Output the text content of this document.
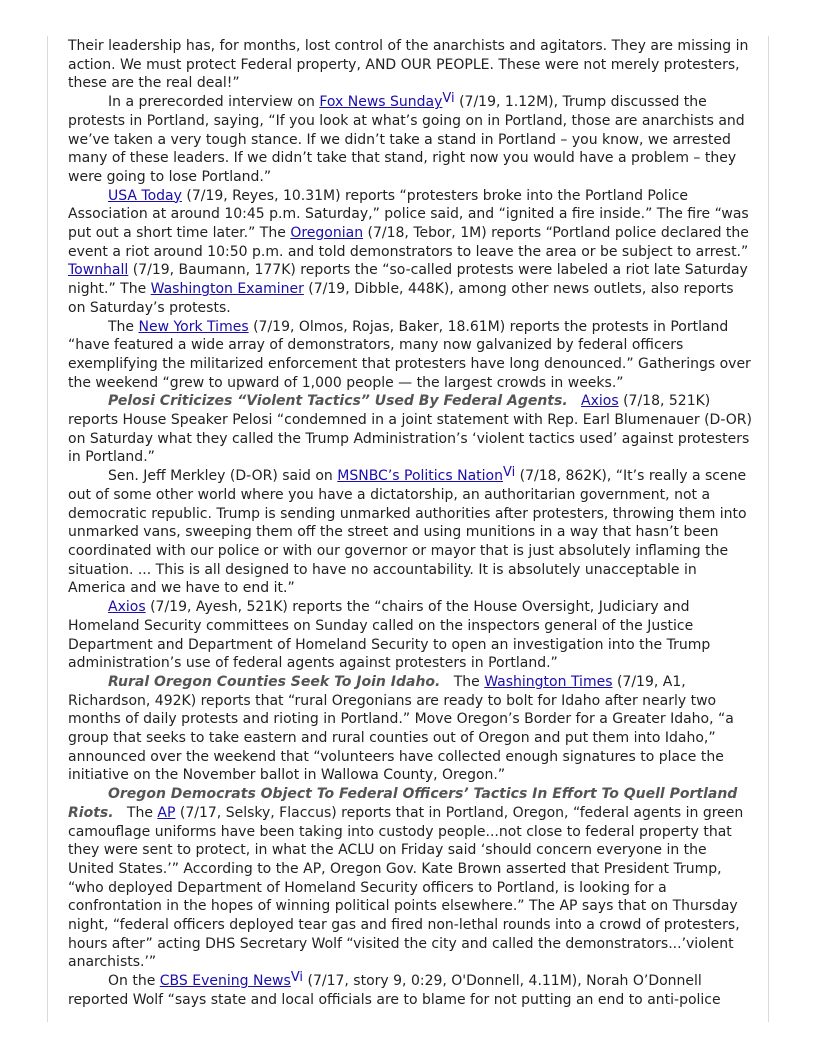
Their leadership has, for months, lost control of the anarchists and agitators. They are missing in action. We must protect Federal property, AND OUR PEOPLE. These were not merely protesters, these are the real deal!”

In a prerecorded interview on Fox News Sunday$^{Vi}$ (7/19, 1.12M), Trump discussed the protests in Portland, saying, “If you look at what’s going on in Portland, those are anarchists and we’ve taken a very tough stance. If we didn’t take a stand in Portland – you know, we arrested many of these leaders. If we didn’t take that stand, right now you would have a problem – they were going to lose Portland.”

USA Today (7/19, Reyes, 10.31M) reports “protesters broke into the Portland Police Association at around 10:45 p.m. Saturday,” police said, and “ignited a fire inside.” The fire “was put out a short time later.” The Oregonian (7/18, Tebor, 1M) reports “Portland police declared the event a riot around 10:50 p.m. and told demonstrators to leave the area or be subject to arrest.” Townhall (7/19, Baumann, 177K) reports the “so-called protests were labeled a riot late Saturday night.” The Washington Examiner (7/19, Dibble, 448K), among other news outlets, also reports on Saturday’s protests.

The New York Times (7/19, Olmos, Rojas, Baker, 18.61M) reports the protests in Portland “have featured a wide array of demonstrators, many now galvanized by federal officers exemplifying the militarized enforcement that protesters have long denounced.” Gatherings over the weekend “grew to upward of 1,000 people — the largest crowds in weeks.”

Pelosi Criticizes “Violent Tactics” Used By Federal Agents. Axios (7/18, 521K) reports House Speaker Pelosi “condemned in a joint statement with Rep. Earl Blumenauer (D-OR) on Saturday what they called the Trump Administration’s ‘violent tactics used’ against protesters in Portland.”

Sen. Jeff Merkley (D-OR) said on MSNBC’s Politics Nation$^{Vi}$ (7/18, 862K), “It’s really a scene out of some other world where you have a dictatorship, an authoritarian government, not a democratic republic. Trump is sending unmarked authorities after protesters, throwing them into unmarked vans, sweeping them off the street and using munitions in a way that hasn’t been coordinated with our police or with our governor or mayor that is just absolutely inflaming the situation. ... This is all designed to have no accountability. It is absolutely unacceptable in America and we have to end it.”

Axios (7/19, Ayesh, 521K) reports the “chairs of the House Oversight, Judiciary and Homeland Security committees on Sunday called on the inspectors general of the Justice Department and Department of Homeland Security to open an investigation into the Trump administration’s use of federal agents against protesters in Portland.”

Rural Oregon Counties Seek To Join Idaho. The Washington Times (7/19, A1, Richardson, 492K) reports that “rural Oregonians are ready to bolt for Idaho after nearly two months of daily protests and rioting in Portland.” Move Oregon’s Border for a Greater Idaho, “a group that seeks to take eastern and rural counties out of Oregon and put them into Idaho,” announced over the weekend that “volunteers have collected enough signatures to place the initiative on the November ballot in Wallowa County, Oregon.”

Oregon Democrats Object To Federal Officers’ Tactics In Effort To Quell Portland Riots. The AP (7/17, Selsky, Flaccus) reports that in Portland, Oregon, “federal agents in green camouflage uniforms have been taking into custody people...not close to federal property that they were sent to protect, in what the ACLU on Friday said ‘should concern everyone in the United States.’” According to the AP, Oregon Gov. Kate Brown asserted that President Trump, “who deployed Department of Homeland Security officers to Portland, is looking for a confrontation in the hopes of winning political points elsewhere.” The AP says that on Thursday night, “federal officers deployed tear gas and fired non-lethal rounds into a crowd of protesters, hours after” acting DHS Secretary Wolf “visited the city and called the demonstrators...’violent anarchists.’”

On the CBS Evening News$^{Vi}$ (7/17, story 9, 0:29, O'Donnell, 4.11M), Norah O’Donnell reported Wolf “says state and local officials are to blame for not putting an end to anti-police
